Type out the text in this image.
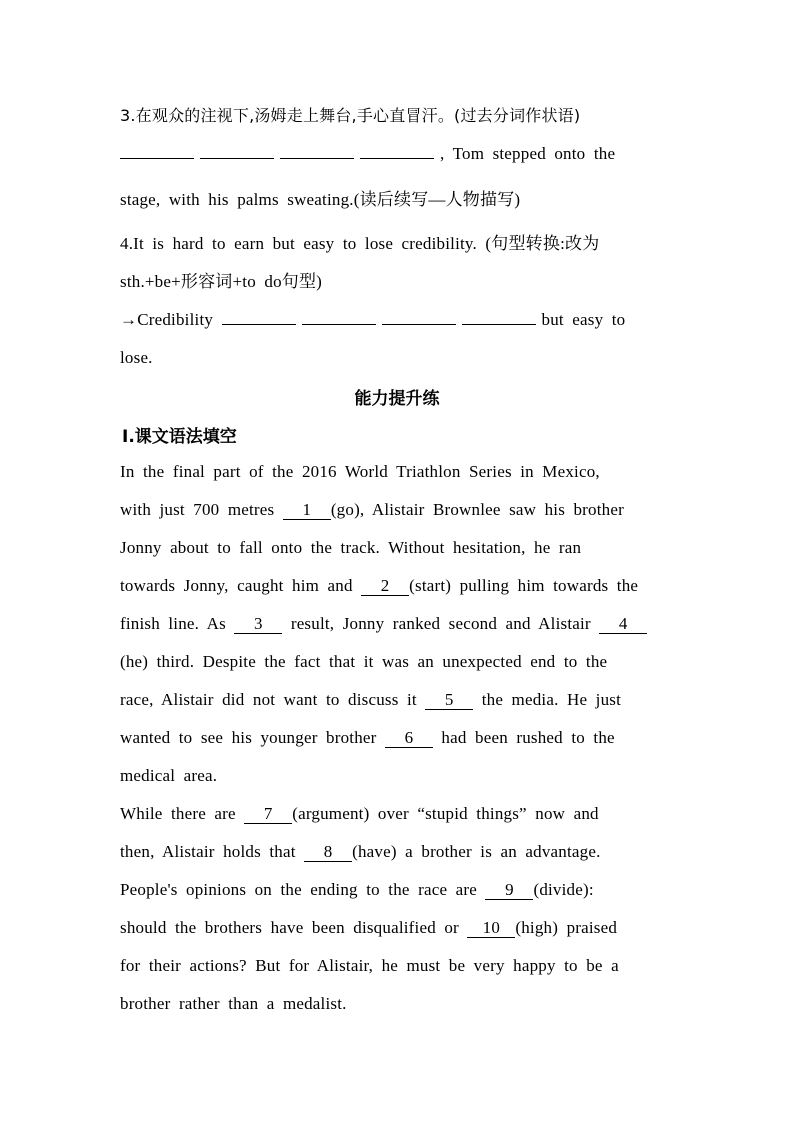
3.在观众的注视下,汤姆走上舞台,手心直冒汗。(过去分词作状语)
, Tom stepped onto the
stage, with his palms sweating.(读后续写—人物描写)
4.It is hard to earn but easy to lose credibility. (句型转换:改为
sth.+be+形容词+to do句型)
→Credibility	but easy to
lose.
能力提升练
Ⅰ.课文语法填空
In the final part of the 2016 World Triathlon Series in Mexico,
with just 700 metres 1 (go), Alistair Brownlee saw his brother
Jonny about to fall onto the track. Without hesitation, he ran
towards Jonny, caught him and 2 (start) pulling him towards the
finish line. As 3 result, Jonny ranked second and Alistair 4
(he) third. Despite the fact that it was an unexpected end to the
race, Alistair did not want to discuss it 5 the media. He just
wanted to see his younger brother 6 had been rushed to the
medical area.
While there are 7 (argument) over “stupid things” now and
then, Alistair holds that 8 (have) a brother is an advantage.
People's opinions on the ending to the race are 9 (divide):
should the brothers have been disqualified or 10 (high) praised
for their actions? But for Alistair, he must be very happy to be a
brother rather than a medalist.
